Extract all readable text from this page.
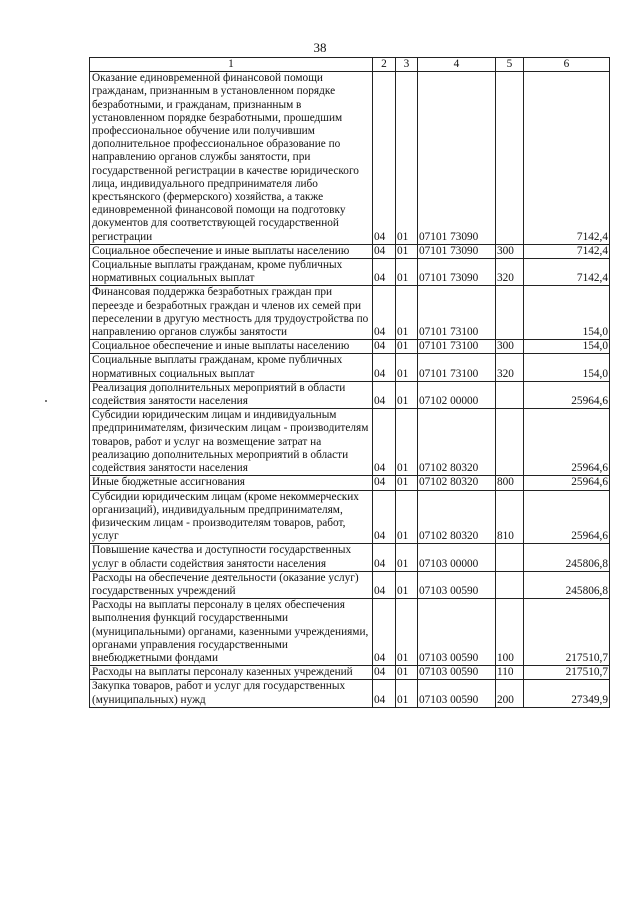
38
1	2	3	4	5	6
Оказание единовременной финансовой помощи гражданам, признанным в установленном порядке безработными, и гражданам, признанным в установленном порядке безработными, прошедшим профессиональное обучение или получившим дополнительное профессиональное образование по направлению органов службы занятости, при государственной регистрации в качестве юридического лица, индивидуального предпринимателя либо крестьянского (фермерского) хозяйства, а также единовременной финансовой помощи на подготовку документов для соответствующей государственной регистрации	04	01	07101 73090		7142,4
Социальное обеспечение и иные выплаты населению	04	01	07101 73090	300	7142,4
Социальные выплаты гражданам, кроме публичных нормативных социальных выплат	04	01	07101 73090	320	7142,4
Финансовая поддержка безработных граждан при переезде и безработных граждан и членов их семей при переселении в другую местность для трудоустройства по направлению органов службы занятости	04	01	07101 73100		154,0
Социальное обеспечение и иные выплаты населению	04	01	07101 73100	300	154,0
Социальные выплаты гражданам, кроме публичных нормативных социальных выплат	04	01	07101 73100	320	154,0
Реализация дополнительных мероприятий в области содействия занятости населения	04	01	07102 00000		25964,6
Субсидии юридическим лицам и индивидуальным предпринимателям, физическим лицам - производителям товаров, работ и услуг на возмещение затрат на реализацию дополнительных мероприятий в области содействия занятости населения	04	01	07102 80320		25964,6
Иные бюджетные ассигнования	04	01	07102 80320	800	25964,6
Субсидии юридическим лицам (кроме некоммерческих организаций), индивидуальным предпринимателям, физическим лицам - производителям товаров, работ, услуг	04	01	07102 80320	810	25964,6
Повышение качества и доступности государственных услуг в области содействия занятости населения	04	01	07103 00000		245806,8
Расходы на обеспечение деятельности (оказание услуг) государственных учреждений	04	01	07103 00590		245806,8
Расходы на выплаты персоналу в целях обеспечения выполнения функций государственными (муниципальными) органами, казенными учреждениями, органами управления государственными внебюджетными фондами	04	01	07103 00590	100	217510,7
Расходы на выплаты персоналу казенных учреждений	04	01	07103 00590	110	217510,7
Закупка товаров, работ и услуг для государственных (муниципальных) нужд	04	01	07103 00590	200	27349,9
